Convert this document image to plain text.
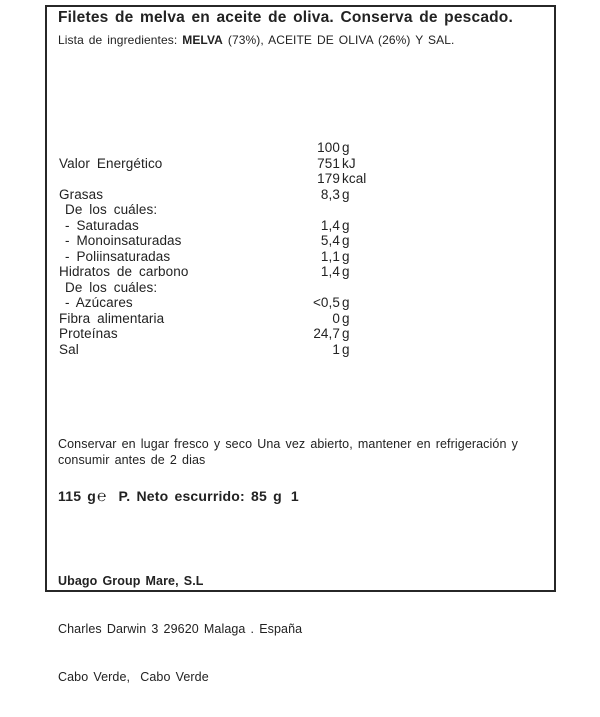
Filetes de melva en aceite de oliva. Conserva de pescado.
Lista de ingredientes: MELVA (73%), ACEITE DE OLIVA (26%) Y SAL.
100 g
Valor Energético	751 kJ
179 kcal
Grasas	8,3 g
De los cuáles:
- Saturadas	1,4 g
- Monoinsaturadas	5,4 g
- Poliinsaturadas	1,1 g
Hidratos de carbono	1,4 g
De los cuáles:
- Azúcares	<0,5 g
Fibra alimentaria	0 g
Proteínas	24,7 g
Sal	1 g
Conservar en lugar fresco y seco Una vez abierto, mantener en refrigeración y
consumir antes de 2 dias
115 g℮ P. Neto escurrido: 85 g 1

Ubago Group Mare, S.L

Charles Darwin 3 29620 Malaga . España

Cabo Verde,  Cabo Verde
